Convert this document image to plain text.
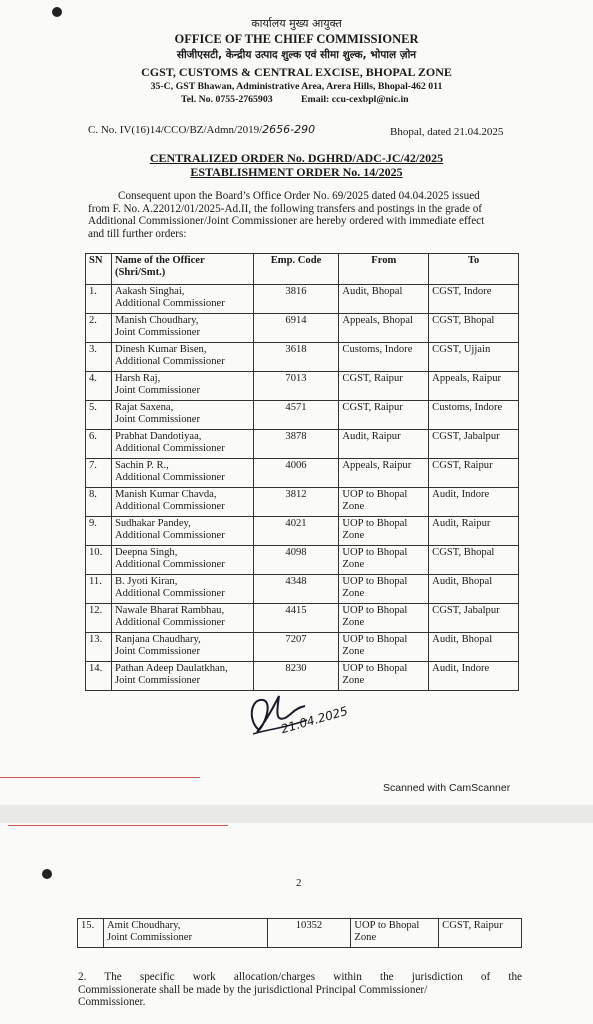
कार्यालय मुख्य आयुक्त
OFFICE OF THE CHIEF COMMISSIONER
सीजीएसटी, केन्द्रीय उत्पाद शुल्क एवं सीमा शुल्क, भोपाल ज़ोन
CGST, CUSTOMS & CENTRAL EXCISE, BHOPAL ZONE
35-C, GST Bhawan, Administrative Area, Arera Hills, Bhopal-462 011
Tel. No. 0755-2765903	Email: ccu-cexbpl@nic.in
C. No. IV(16)14/CCO/BZ/Admn/2019/2656-290	Bhopal, dated 21.04.2025
CENTRALIZED ORDER No. DGHRD/ADC-JC/42/2025
ESTABLISHMENT ORDER No. 14/2025
Consequent upon the Board’s Office Order No. 69/2025 dated 04.04.2025 issued
from F. No. A.22012/01/2025-Ad.II, the following transfers and postings in the grade of
Additional Commissioner/Joint Commissioner are hereby ordered with immediate effect
and till further orders:
SN	Name of the Officer (Shri/Smt.)	Emp. Code	From	To
1.	Aakash Singhai,
Additional Commissioner	3816	Audit, Bhopal	CGST, Indore
2.	Manish Choudhary,
Joint Commissioner	6914	Appeals, Bhopal	CGST, Bhopal
3.	Dinesh Kumar Bisen,
Additional Commissioner	3618	Customs, Indore	CGST, Ujjain
4.	Harsh Raj,
Joint Commissioner	7013	CGST, Raipur	Appeals, Raipur
5.	Rajat Saxena,
Joint Commissioner	4571	CGST, Raipur	Customs, Indore
6.	Prabhat Dandotiyaa,
Additional Commissioner	3878	Audit, Raipur	CGST, Jabalpur
7.	Sachin P. R.,
Additional Commissioner	4006	Appeals, Raipur	CGST, Raipur
8.	Manish Kumar Chavda,
Additional Commissioner	3812	UOP to Bhopal Zone	Audit, Indore
9.	Sudhakar Pandey,
Additional Commissioner	4021	UOP to Bhopal Zone	Audit, Raipur
10.	Deepna Singh,
Additional Commissioner	4098	UOP to Bhopal Zone	CGST, Bhopal
11.	B. Jyoti Kiran,
Additional Commissioner	4348	UOP to Bhopal Zone	Audit, Bhopal
12.	Nawale Bharat Rambhau,
Additional Commissioner	4415	UOP to Bhopal Zone	CGST, Jabalpur
13.	Ranjana Chaudhary,
Joint Commissioner	7207	UOP to Bhopal Zone	Audit, Bhopal
14.	Pathan Adeep Daulatkhan,
Joint Commissioner	8230	UOP to Bhopal Zone	Audit, Indore
21.04.2025
Scanned with CamScanner
2
15.	Amit Choudhary,
Joint Commissioner
	10352	UOP to Bhopal Zone	CGST, Raipur
2. The specific work allocation/charges within the jurisdiction of the
Commissionerate shall be made by the jurisdictional Principal Commissioner/
Commissioner.
